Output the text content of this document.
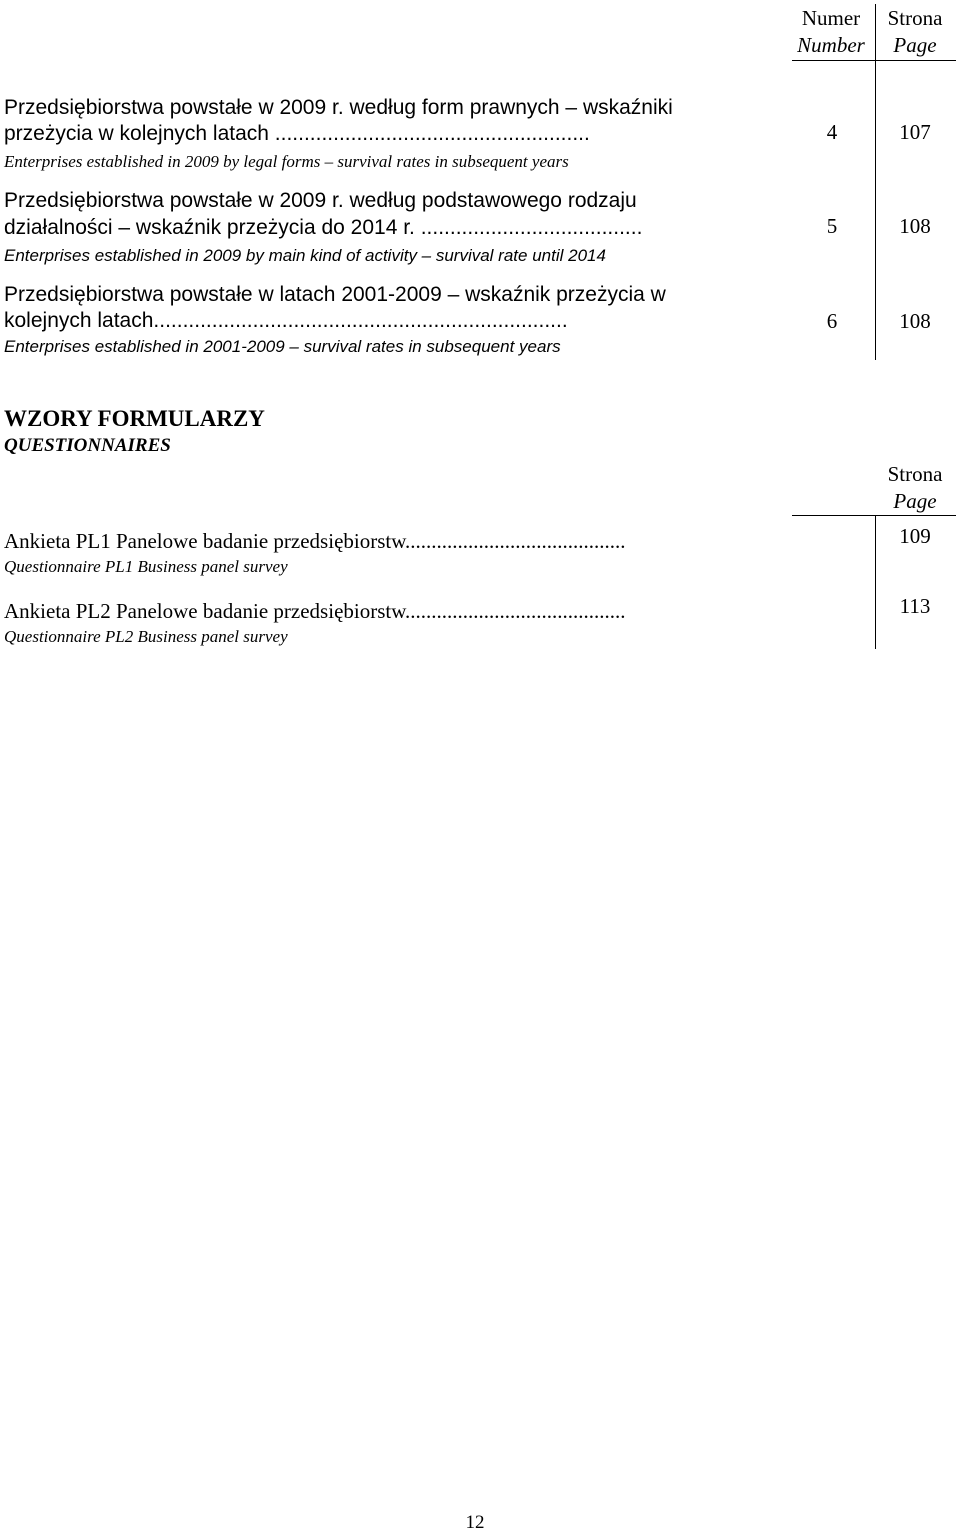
Numer
Number
Strona
Page
Przedsiębiorstwa powstałe w 2009 r. według form prawnych – wskaźniki
przeżycia w kolejnych latach ......................................................
Enterprises established in 2009 by legal forms – survival rates in subsequent years
4	107
Przedsiębiorstwa powstałe w 2009 r. według podstawowego rodzaju
działalności – wskaźnik przeżycia do 2014 r. ......................................
Enterprises established in 2009 by main kind of activity – survival rate until 2014
5	108
Przedsiębiorstwa powstałe w latach 2001-2009 – wskaźnik przeżycia w
kolejnych latach.......................................................................
Enterprises established in 2001-2009 – survival rates in subsequent years
6	108
WZORY FORMULARZY
QUESTIONNAIRES
Strona
Page
Ankieta PL1 Panelowe badanie przedsiębiorstw..........................................
Questionnaire PL1 Business panel survey
109
Ankieta PL2 Panelowe badanie przedsiębiorstw..........................................
Questionnaire PL2 Business panel survey
113
12
